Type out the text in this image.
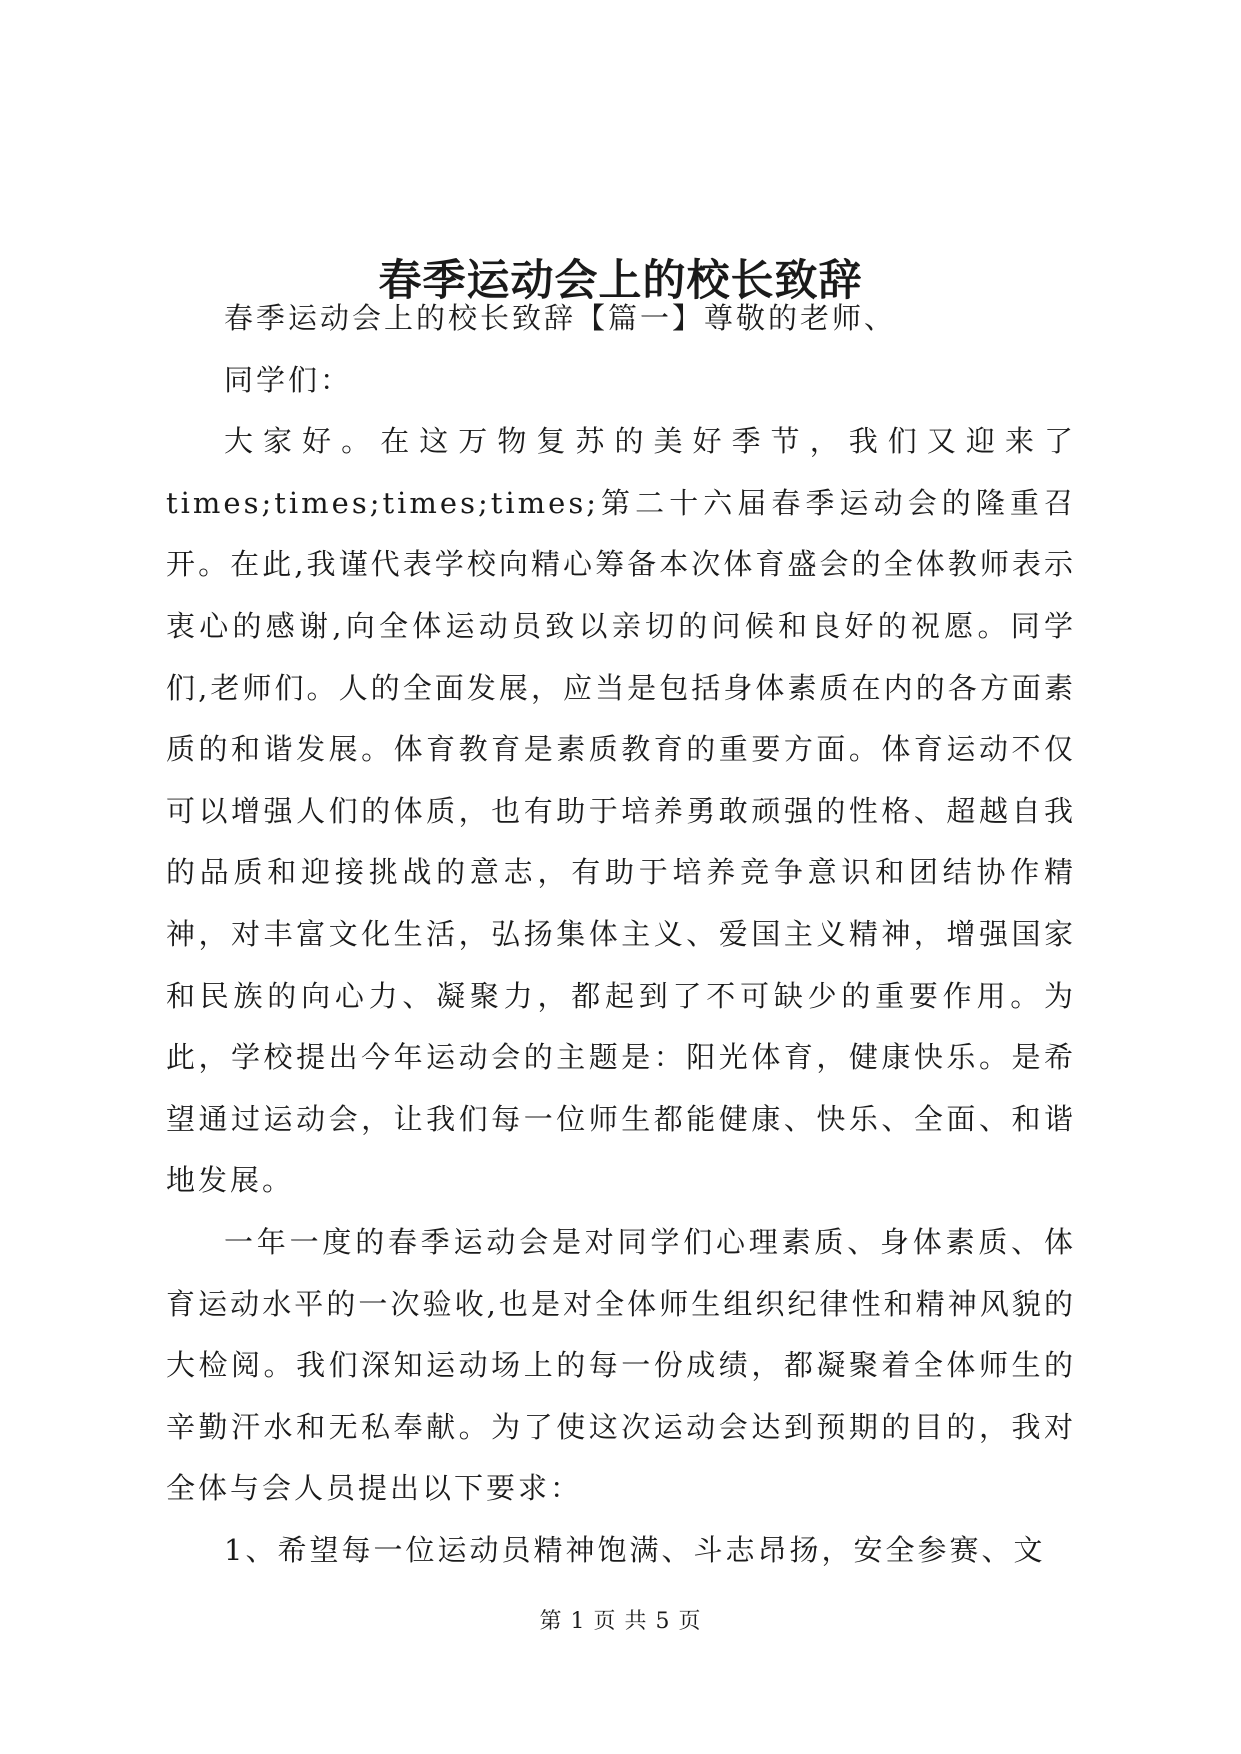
春季运动会上的校长致辞

春季运动会上的校长致辞【篇一】尊敬的老师、

同学们：

大家好。在这万物复苏的美好季节，我们又迎来了times;times;times;times;第二十六届春季运动会的隆重召开。在此,我谨代表学校向精心筹备本次体育盛会的全体教师表示衷心的感谢,向全体运动员致以亲切的问候和良好的祝愿。同学们,老师们。人的全面发展，应当是包括身体素质在内的各方面素质的和谐发展。体育教育是素质教育的重要方面。体育运动不仅可以增强人们的体质，也有助于培养勇敢顽强的性格、超越自我的品质和迎接挑战的意志，有助于培养竞争意识和团结协作精神，对丰富文化生活，弘扬集体主义、爱国主义精神，增强国家和民族的向心力、凝聚力，都起到了不可缺少的重要作用。为此，学校提出今年运动会的主题是：阳光体育，健康快乐。是希望通过运动会，让我们每一位师生都能健康、快乐、全面、和谐地发展。

一年一度的春季运动会是对同学们心理素质、身体素质、体育运动水平的一次验收,也是对全体师生组织纪律性和精神风貌的大检阅。我们深知运动场上的每一份成绩，都凝聚着全体师生的辛勤汗水和无私奉献。为了使这次运动会达到预期的目的，我对全体与会人员提出以下要求：

1、希望每一位运动员精神饱满、斗志昂扬，安全参赛、文

第 1 页 共 5 页
